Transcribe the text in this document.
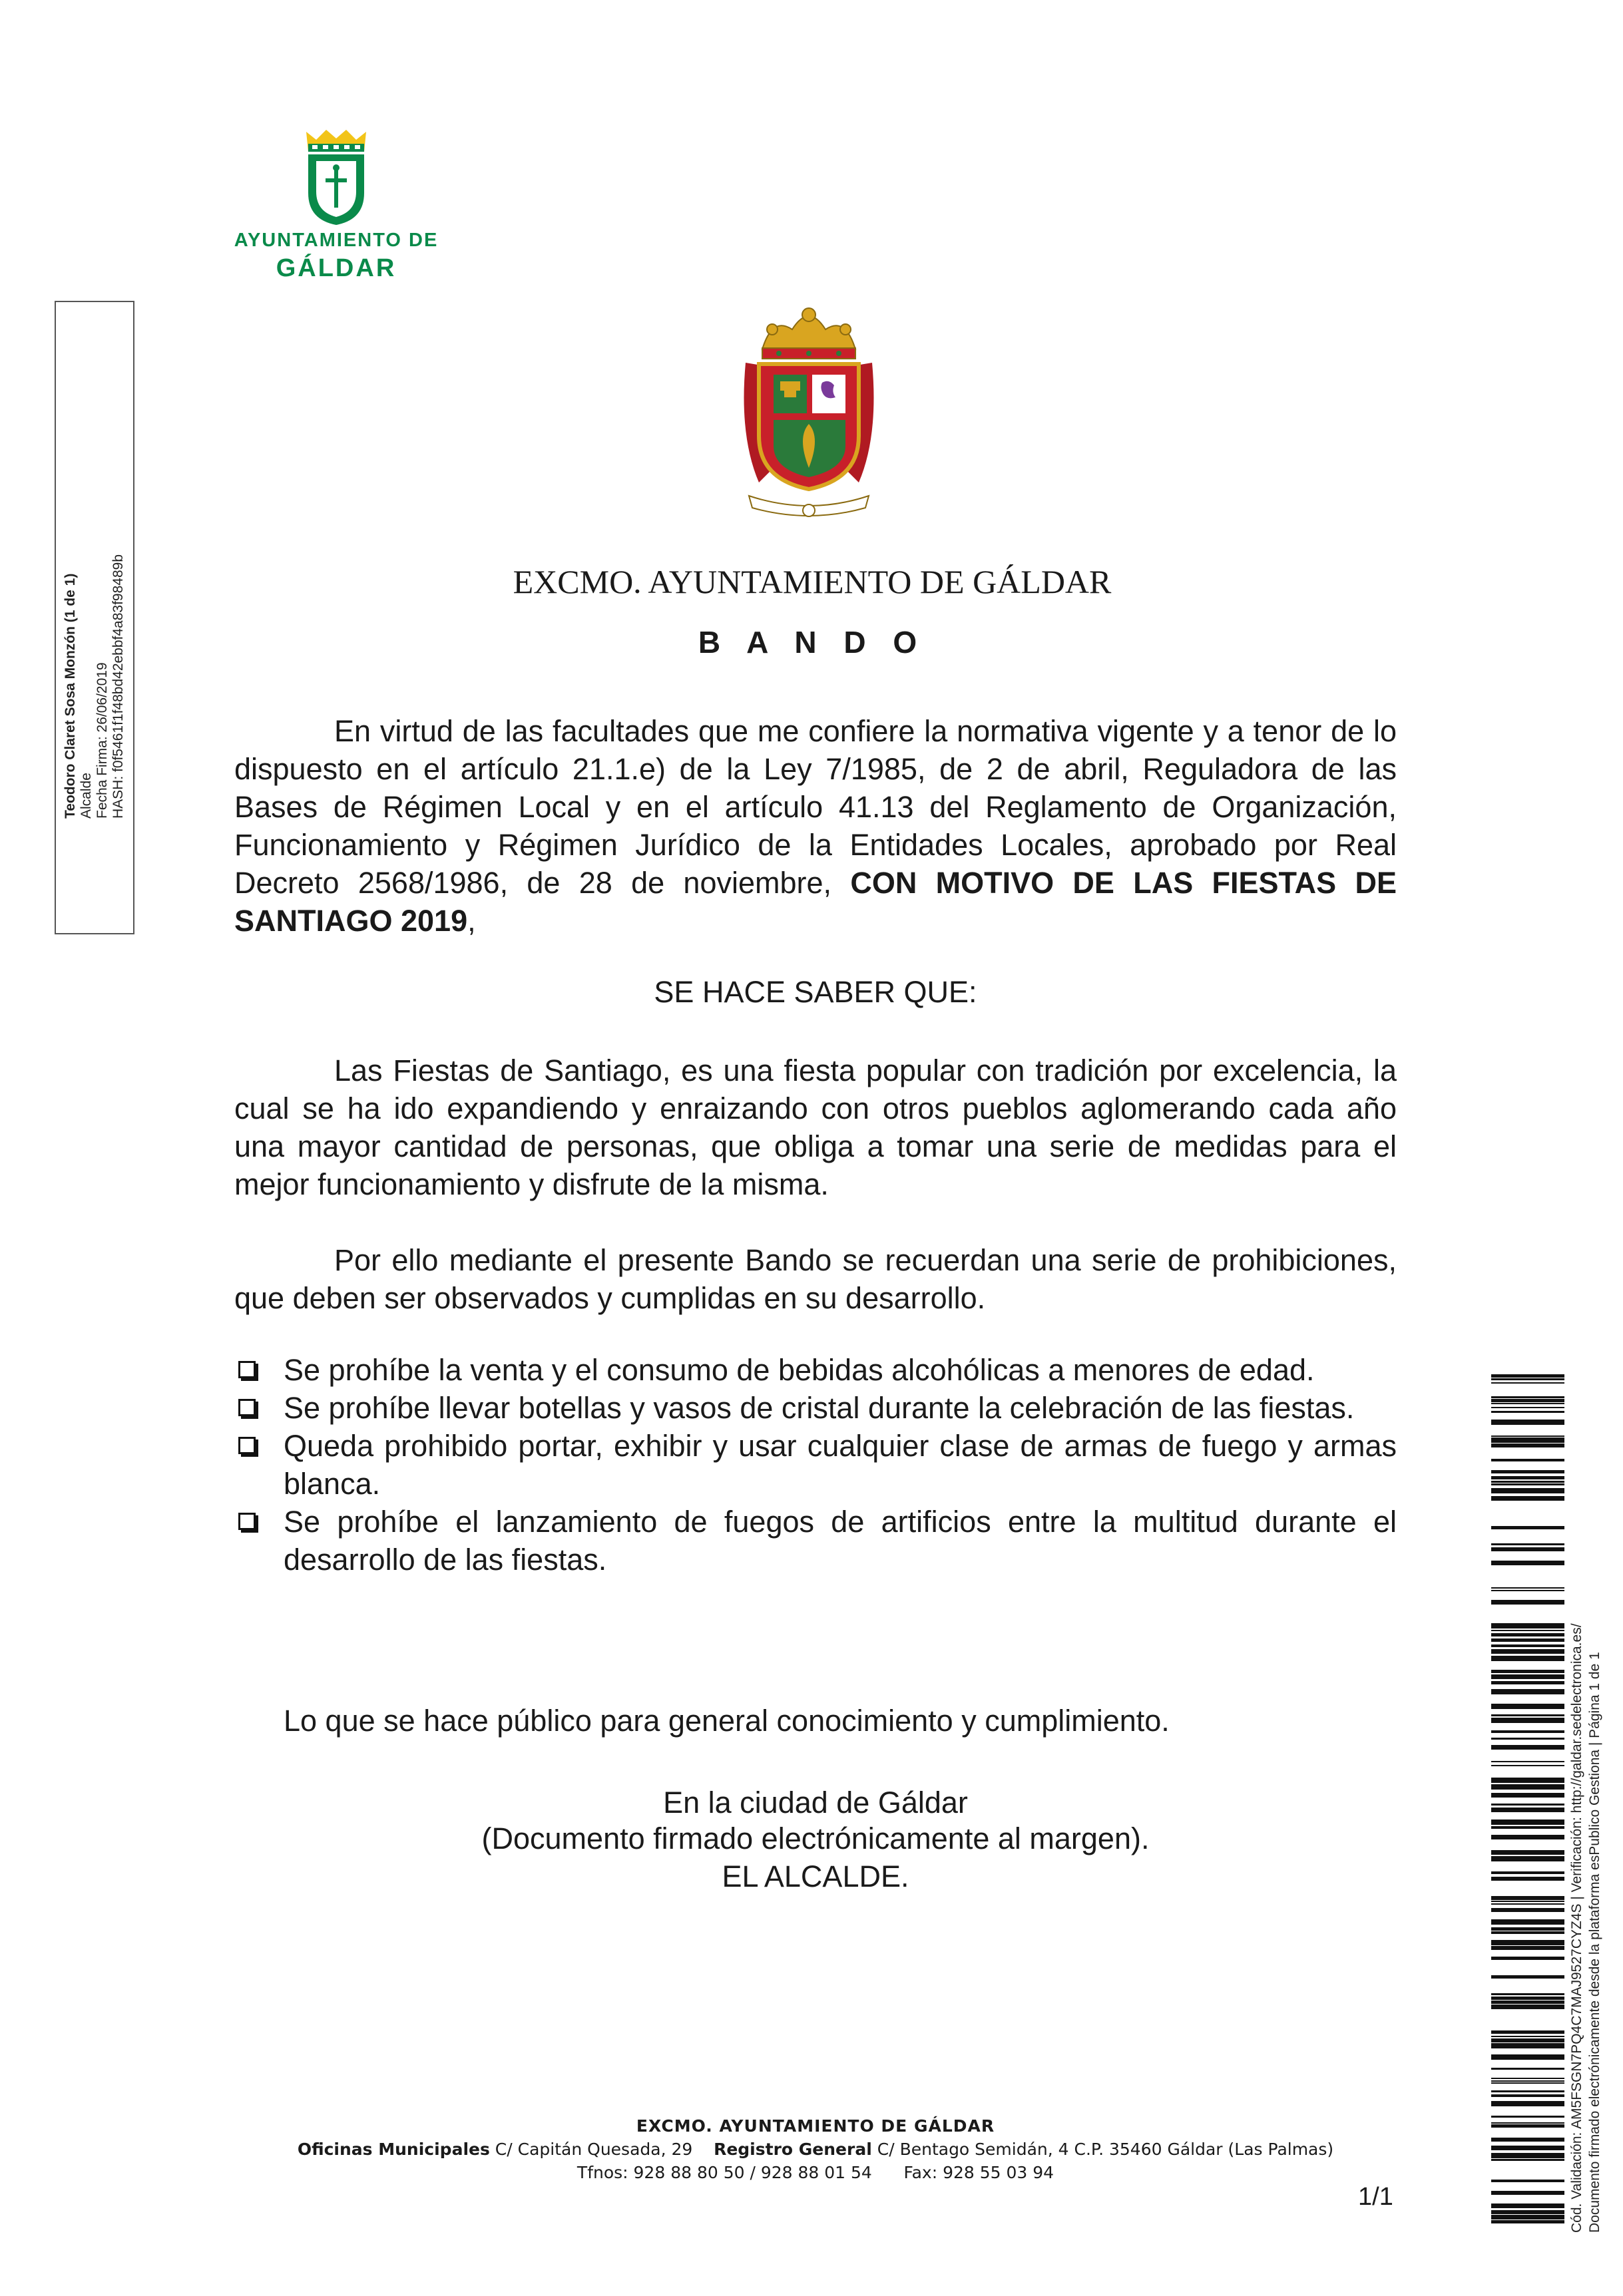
AYUNTAMIENTO DE
GÁLDAR
Teodoro Claret Sosa Monzón (1 de 1) Alcalde Fecha Firma: 26/06/2019 HASH: f0f5461f1f48bd42ebbf4a83f98489b	EXCMO. AYUNTAMIENTO DE GÁLDAR
B A N D O
En virtud de las facultades que me confiere la normativa vigente y a tenor de lo dispuesto en el artículo 21.1.e) de la Ley 7/1985, de 2 de abril, Reguladora de las Bases de Régimen Local y en el artículo 41.13 del Reglamento de Organización, Funcionamiento y Régimen Jurídico de la Entidades Locales, aprobado por Real Decreto 2568/1986, de 28 de noviembre, CON MOTIVO DE LAS FIESTAS DE SANTIAGO 2019,
SE HACE SABER QUE:
Las Fiestas de Santiago, es una fiesta popular con tradición por excelencia, la cual se ha ido expandiendo y enraizando con otros pueblos aglomerando cada año una mayor cantidad de personas, que obliga a tomar una serie de medidas para el mejor funcionamiento y disfrute de la misma.
Por ello mediante el presente Bando se recuerdan una serie de prohibiciones, que deben ser observados y cumplidas en su desarrollo.
Se prohíbe la venta y el consumo de bebidas alcohólicas a menores de edad.
Se prohíbe llevar botellas y vasos de cristal durante la celebración de las fiestas.
Queda prohibido portar, exhibir y usar cualquier clase de armas de fuego y armas blanca.
Se prohíbe el lanzamiento de fuegos de artificios entre la multitud durante el desarrollo de las fiestas.
Lo que se hace público para general conocimiento y cumplimiento.
En la ciudad de Gáldar
(Documento firmado electrónicamente al margen).
EL ALCALDE.
EXCMO. AYUNTAMIENTO DE GÁLDAR
Oficinas Municipales C/ Capitán Quesada, 29 Registro General C/ Bentago Semidán, 4 C.P. 35460 Gáldar (Las Palmas)
Tfnos: 928 88 80 50 / 928 88 01 54      Fax: 928 55 03 94
1/1	Cód. Validación: AM5FSGN7PQ4C7MAJ9527CYZ4S | Verificación: http://galdar.sedelectronica.es/ Documento firmado electrónicamente desde la plataforma esPublico Gestiona | Página 1 de 1
